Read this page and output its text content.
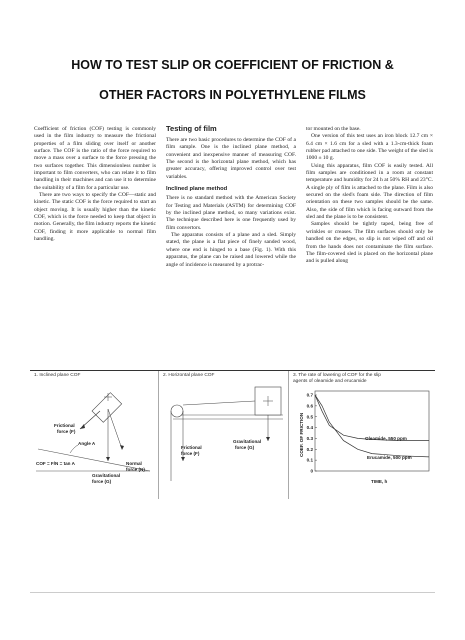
HOW TO TEST SLIP OR COEFFICIENT OF FRICTION &
OTHER FACTORS IN POLYETHYLENE FILMS

Coefficient of friction (COF) testing is commonly used in the film industry to measure the frictional properties of a film sliding over itself or another surface. The COF is the ratio of the force required to move a mass over a surface to the force pressing the two surfaces together. This dimensionless number is important to film converters, who can relate it to film handling in their machines and can use it to determine the suitability of a film for a particular use.

There are two ways to specify the COF—static and kinetic. The static COF is the force required to start an object moving. It is usually higher than the kinetic COF, which is the force needed to keep that object in motion. Generally, the film industry reports the kinetic COF, finding it more applicable to normal film handling.

Testing of film

There are two basic procedures to determine the COF of a film sample. One is the inclined plane method, a convenient and inexpensive manner of measuring COF. The second is the horizontal plane method, which has greater accuracy, offering improved control over test variables.

Inclined plane method

There is no standard method with the American Society for Testing and Materials (ASTM) for determining COF by the inclined plane method, so many variations exist. The technique described here is one frequently used by film convertors.

The apparatus consists of a plane and a sled. Simply stated, the plane is a flat piece of finely sanded wood, where one end is hinged to a base (Fig. 1). With this apparatus, the plane can be raised and lowered while the angle of incidence is measured by a protrac-

tor mounted on the base.

One version of this test uses an iron block 12.7 cm × 6.4 cm × 1.6 cm for a sled with a 1.3-cm-thick foam rubber pad attached to one side. The weight of the sled is 1000 ± 10 g.

Using this apparatus, film COF is easily tested. All film samples are conditioned in a room at constant temperature and humidity for 24 h at 50% RH and 23°C. A single ply of film is attached to the plane. Film is also secured on the sled's foam side. The direction of film orientation on these two samples should be the same. Also, the side of film which is facing outward from the sled and the plane is to be consistent.

Samples should be tightly taped, being free of wrinkles or creases. The film surfaces should only be handled on the edges, so slip is not wiped off and oil from the hands does not contaminate the film surface. The film-covered sled is placed on the horizontal plane and is pulled along

1. Inclined plane COF
Frictional
force (F)
Angle A
COF = F/N = tan A	Normal
force (N)
Gravitational
force (G)
2. Horizontal plane COF
Frictional
force (F)
Gravitational
force (G)
3. The rate of lowering of COF for the slip
agents of oleamide and erucamide
COEF. OF FRICTION
TIME, h
0.7
0.6
0.5
0.4
0.3
0.2
0.1
0
Oleamide, 550 ppm
Erucamide, 500 ppm
